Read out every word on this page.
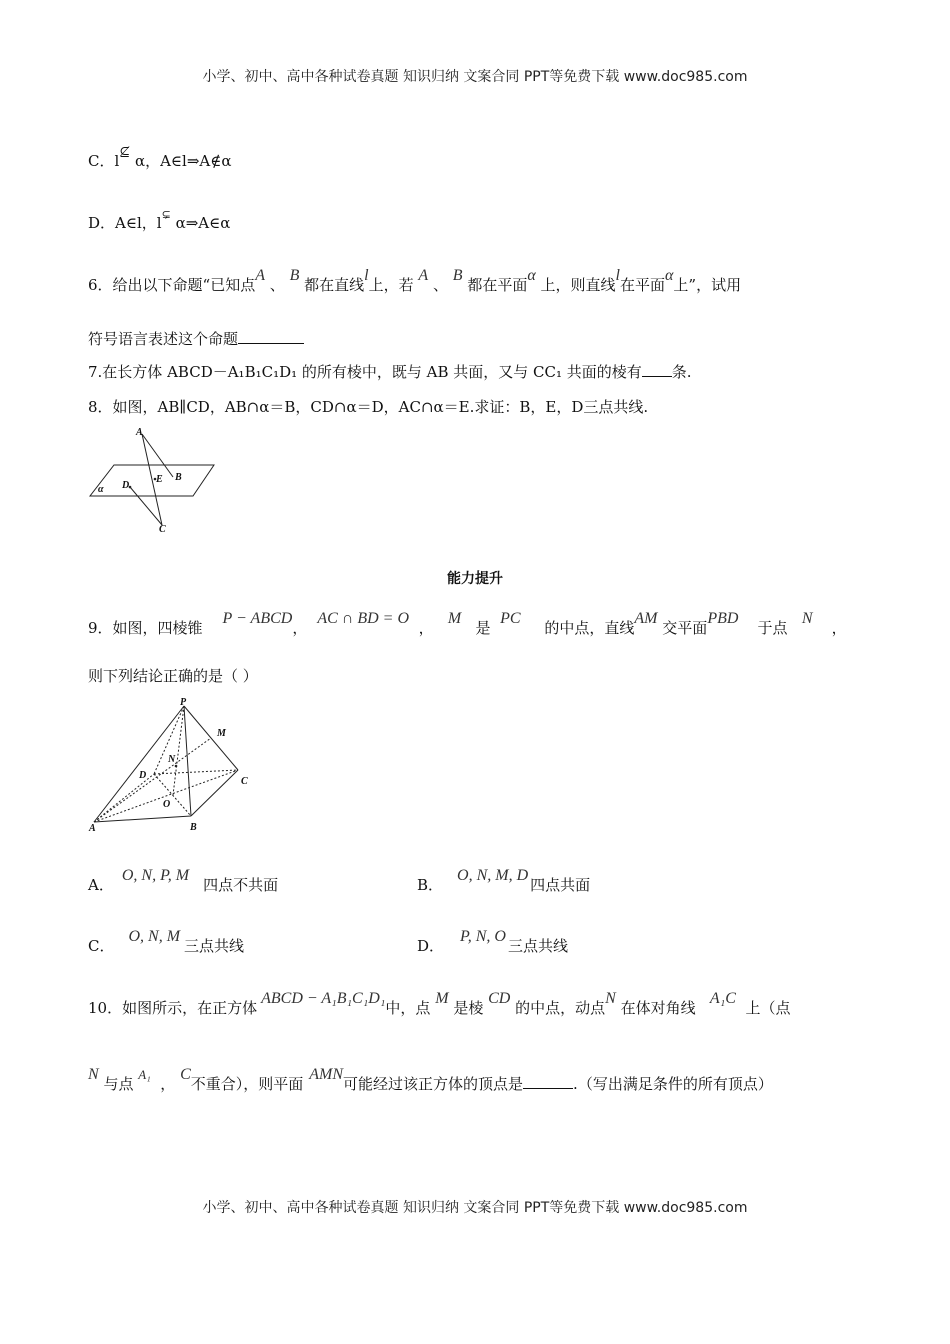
小学、初中、高中各种试卷真题 知识归纳 文案合同 PPT等免费下载 www.doc985.com
C．l⊈ α，A∈l⇒A∉α
D．A∈l，l⊊ α⇒A∈α
6．给出以下命题“已知点A 、 B 都在直线l上，若 A 、 B 都在平面α 上，则直线l在平面α上”，试用
符号语言表述这个命题
7.在长方体 ABCD－A₁B₁C₁D₁ 的所有棱中，既与 AB 共面，又与 CC₁ 共面的棱有 条.
8．如图，AB∥CD，AB∩α＝B，CD∩α＝D，AC∩α＝E.求证：B，E，D三点共线.
A
B
C
D
E
α
能力提升
9．如图，四棱锥P − ABCD，AC ∩ BD = O  ，   M   是  PC     的中点，直线AM 交平面PBD    于点   N    ，
则下列结论正确的是（ ）
P
M
N
D
C
O
A	B
A．O, N, P, M四点不共面	B．O, N, M, D四点共面
C．O, N, M三点共线	D．P, N, O三点共线
10．如图所示，在正方体ABCD − A₁B₁C₁D₁中，点 M 是棱 CD 的中点，动点N 在体对角线   A₁C  上（点
N 与点 A₁  ， C不重合），则平面AMN可能经过该正方体的顶点是	.（写出满足条件的所有顶点）
小学、初中、高中各种试卷真题 知识归纳 文案合同 PPT等免费下载 www.doc985.com
